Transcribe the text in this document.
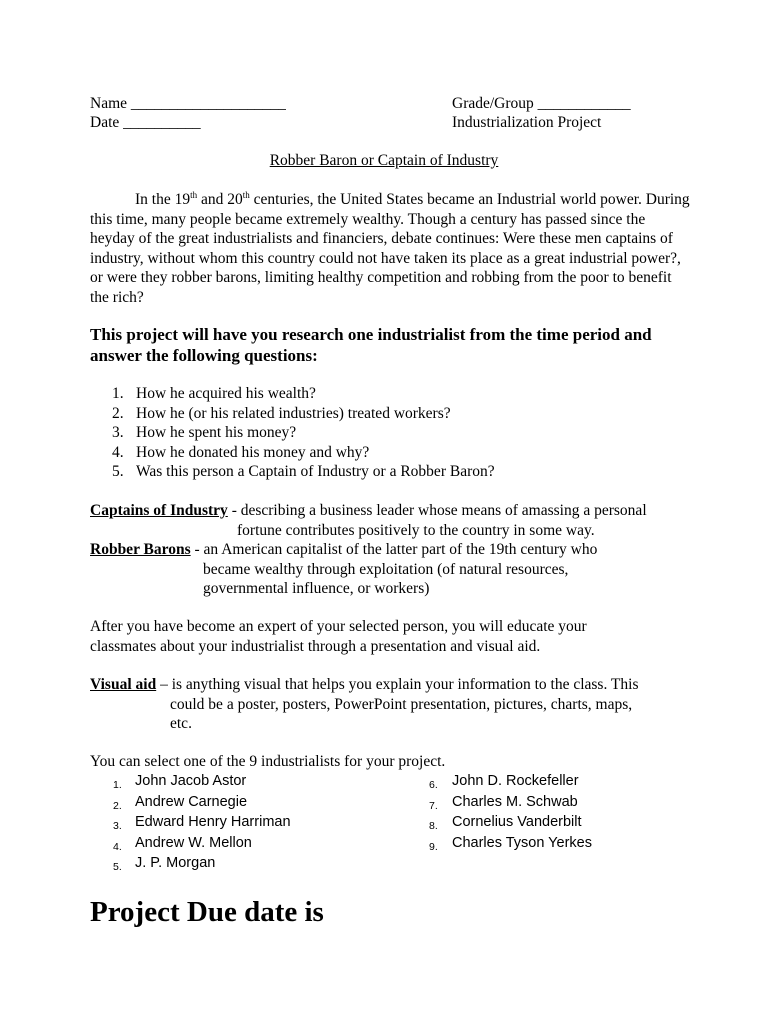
Name ____________________
Date __________
Grade/Group ____________
Industrialization Project
Robber Baron or Captain of Industry

In the 19th and 20th centuries, the United States became an Industrial world power. During this time, many people became extremely wealthy. Though a century has passed since the heyday of the great industrialists and financiers, debate continues: Were these men captains of industry, without whom this country could not have taken its place as a great industrial power?, or were they robber barons, limiting healthy competition and robbing from the poor to benefit the rich?

This project will have you research one industrialist from the time period and answer the following questions:
1. How he acquired his wealth?
2. How he (or his related industries) treated workers?
3. How he spent his money?
4. How he donated his money and why?
5. Was this person a Captain of Industry or a Robber Baron?
Captains of Industry - describing a business leader whose means of amassing a personal
fortune contributes positively to the country in some way.
Robber Barons - an American capitalist of the latter part of the 19th century who
became wealthy through exploitation (of natural resources,
governmental influence, or workers)
After you have become an expert of your selected person, you will educate your
classmates about your industrialist through a presentation and visual aid.
Visual aid – is anything visual that helps you explain your information to the class. This
could be a poster, posters, PowerPoint presentation, pictures, charts, maps,
etc.
You can select one of the 9 industrialists for your project.
1. John Jacob Astor
2. Andrew Carnegie
3. Edward Henry Harriman
4. Andrew W. Mellon
5. J. P. Morgan
6. John D. Rockefeller
7. Charles M. Schwab
8. Cornelius Vanderbilt
9. Charles Tyson Yerkes
Project Due date is
